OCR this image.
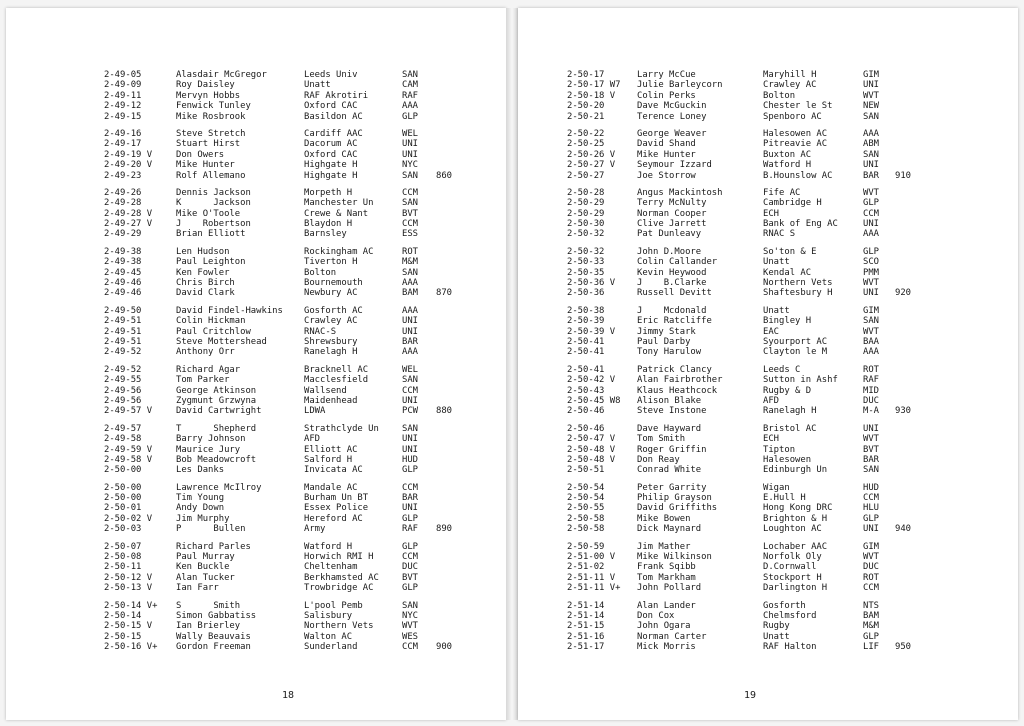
2-49-05	Alasdair McGregor	Leeds Univ	SAN
2-49-09	Roy Daisley	Unatt	CAM
2-49-11	Mervyn Hobbs	RAF Akrotiri	RAF
2-49-12	Fenwick Tunley	Oxford CAC	AAA
2-49-15	Mike Rosbrook	Basildon AC	GLP
2-49-16	Steve Stretch	Cardiff AAC	WEL
2-49-17	Stuart Hirst	Dacorum AC	UNI
2-49-19 V	Don Owers	Oxford CAC	UNI
2-49-20 V	Mike Hunter	Highgate H	NYC
2-49-23	Rolf Allemano	Highgate H	SAN	860
2-49-26	Dennis Jackson	Morpeth H	CCM
2-49-28	K      Jackson	Manchester Un	SAN
2-49-28 V	Mike O'Toole	Crewe & Nant	BVT
2-49-27 V	J    Robertson	Blaydon H	CCM
2-49-29	Brian Elliott	Barnsley	ESS
2-49-38	Len Hudson	Rockingham AC	ROT
2-49-38	Paul Leighton	Tiverton H	M&M
2-49-45	Ken Fowler	Bolton	SAN
2-49-46	Chris Birch	Bournemouth	AAA
2-49-46	David Clark	Newbury AC	BAM	870
2-49-50	David Findel-Hawkins	Gosforth AC	AAA
2-49-51	Colin Hickman	Crawley AC	UNI
2-49-51	Paul Critchlow	RNAC-S	UNI
2-49-51	Steve Mottershead	Shrewsbury	BAR
2-49-52	Anthony Orr	Ranelagh H	AAA
2-49-52	Richard Agar	Bracknell AC	WEL
2-49-55	Tom Parker	Macclesfield	SAN
2-49-56	George Atkinson	Wallsend	CCM
2-49-56	Zygmunt Grzwyna	Maidenhead	UNI
2-49-57 V	David Cartwright	LDWA	PCW	880
2-49-57	T      Shepherd	Strathclyde Un	SAN
2-49-58	Barry Johnson	AFD	UNI
2-49-59 V	Maurice Jury	Elliott AC	UNI
2-49-58 V	Bob Meadowcroft	Salford H	HUD
2-50-00	Les Danks	Invicata AC	GLP
2-50-00	Lawrence McIlroy	Mandale AC	CCM
2-50-00	Tim Young	Burham Un BT	BAR
2-50-01	Andy Down	Essex Police	UNI
2-50-02 V	Jim Murphy	Hereford AC	GLP
2-50-03	P      Bullen	Army	RAF	890
2-50-07	Richard Parles	Watford H	GLP
2-50-08	Paul Murray	Horwich RMI H	CCM
2-50-11	Ken Buckle	Cheltenham	DUC
2-50-12 V	Alan Tucker	Berkhamsted AC	BVT
2-50-13 V	Ian Farr	Trowbridge AC	GLP
2-50-14 V+	S      Smith	L'pool Pemb	SAN
2-50-14	Simon Gabbatiss	Salisbury	NYC
2-50-15 V	Ian Brierley	Northern Vets	WVT
2-50-15	Wally Beauvais	Walton AC	WES
2-50-16 V+	Gordon Freeman	Sunderland	CCM	900
18
2-50-17	Larry McCue	Maryhill H	GIM
2-50-17 W7	Julie Barleycorn	Crawley AC	UNI
2-50-18 V	Colin Perks	Bolton	WVT
2-50-20	Dave McGuckin	Chester le St	NEW
2-50-21	Terence Loney	Spenboro AC	SAN
2-50-22	George Weaver	Halesowen AC	AAA
2-50-25	David Shand	Pitreavie AC	ABM
2-50-26 V	Mike Hunter	Buxton AC	SAN
2-50-27 V	Seymour Izzard	Watford H	UNI
2-50-27	Joe Storrow	B.Hounslow AC	BAR	910
2-50-28	Angus Mackintosh	Fife AC	WVT
2-50-29	Terry McNulty	Cambridge H	GLP
2-50-29	Norman Cooper	ECH	CCM
2-50-30	Clive Jarrett	Bank of Eng AC	UNI
2-50-32	Pat Dunleavy	RNAC S	AAA
2-50-32	John D.Moore	So'ton & E	GLP
2-50-33	Colin Callander	Unatt	SCO
2-50-35	Kevin Heywood	Kendal AC	PMM
2-50-36 V	J    B.Clarke	Northern Vets	WVT
2-50-36	Russell Devitt	Shaftesbury H	UNI	920
2-50-38	J    Mcdonald	Unatt	GIM
2-50-39	Eric Ratcliffe	Bingley H	SAN
2-50-39 V	Jimmy Stark	EAC	WVT
2-50-41	Paul Darby	Syourport AC	BAA
2-50-41	Tony Harulow	Clayton le M	AAA
2-50-41	Patrick Clancy	Leeds C	ROT
2-50-42 V	Alan Fairbrother	Sutton in Ashf	RAF
2-50-43	Klaus Heathcock	Rugby & D	MID
2-50-45 W8	Alison Blake	AFD	DUC
2-50-46	Steve Instone	Ranelagh H	M-A	930
2-50-46	Dave Hayward	Bristol AC	UNI
2-50-47 V	Tom Smith	ECH	WVT
2-50-48 V	Roger Griffin	Tipton	BVT
2-50-48 V	Don Reay	Halesowen	BAR
2-50-51	Conrad White	Edinburgh Un	SAN
2-50-54	Peter Garrity	Wigan	HUD
2-50-54	Philip Grayson	E.Hull H	CCM
2-50-55	David Griffiths	Hong Kong DRC	HLU
2-50-58	Mike Bowen	Brighton & H	GLP
2-50-58	Dick Maynard	Loughton AC	UNI	940
2-50-59	Jim Mather	Lochaber AAC	GIM
2-51-00 V	Mike Wilkinson	Norfolk Oly	WVT
2-51-02	Frank Sqibb	D.Cornwall	DUC
2-51-11 V	Tom Markham	Stockport H	ROT
2-51-11 V+	John Pollard	Darlington H	CCM
2-51-14	Alan Lander	Gosforth	NTS
2-51-14	Don Cox	Chelmsford	BAM
2-51-15	John Ogara	Rugby	M&M
2-51-16	Norman Carter	Unatt	GLP
2-51-17	Mick Morris	RAF Halton	LIF	950
19
